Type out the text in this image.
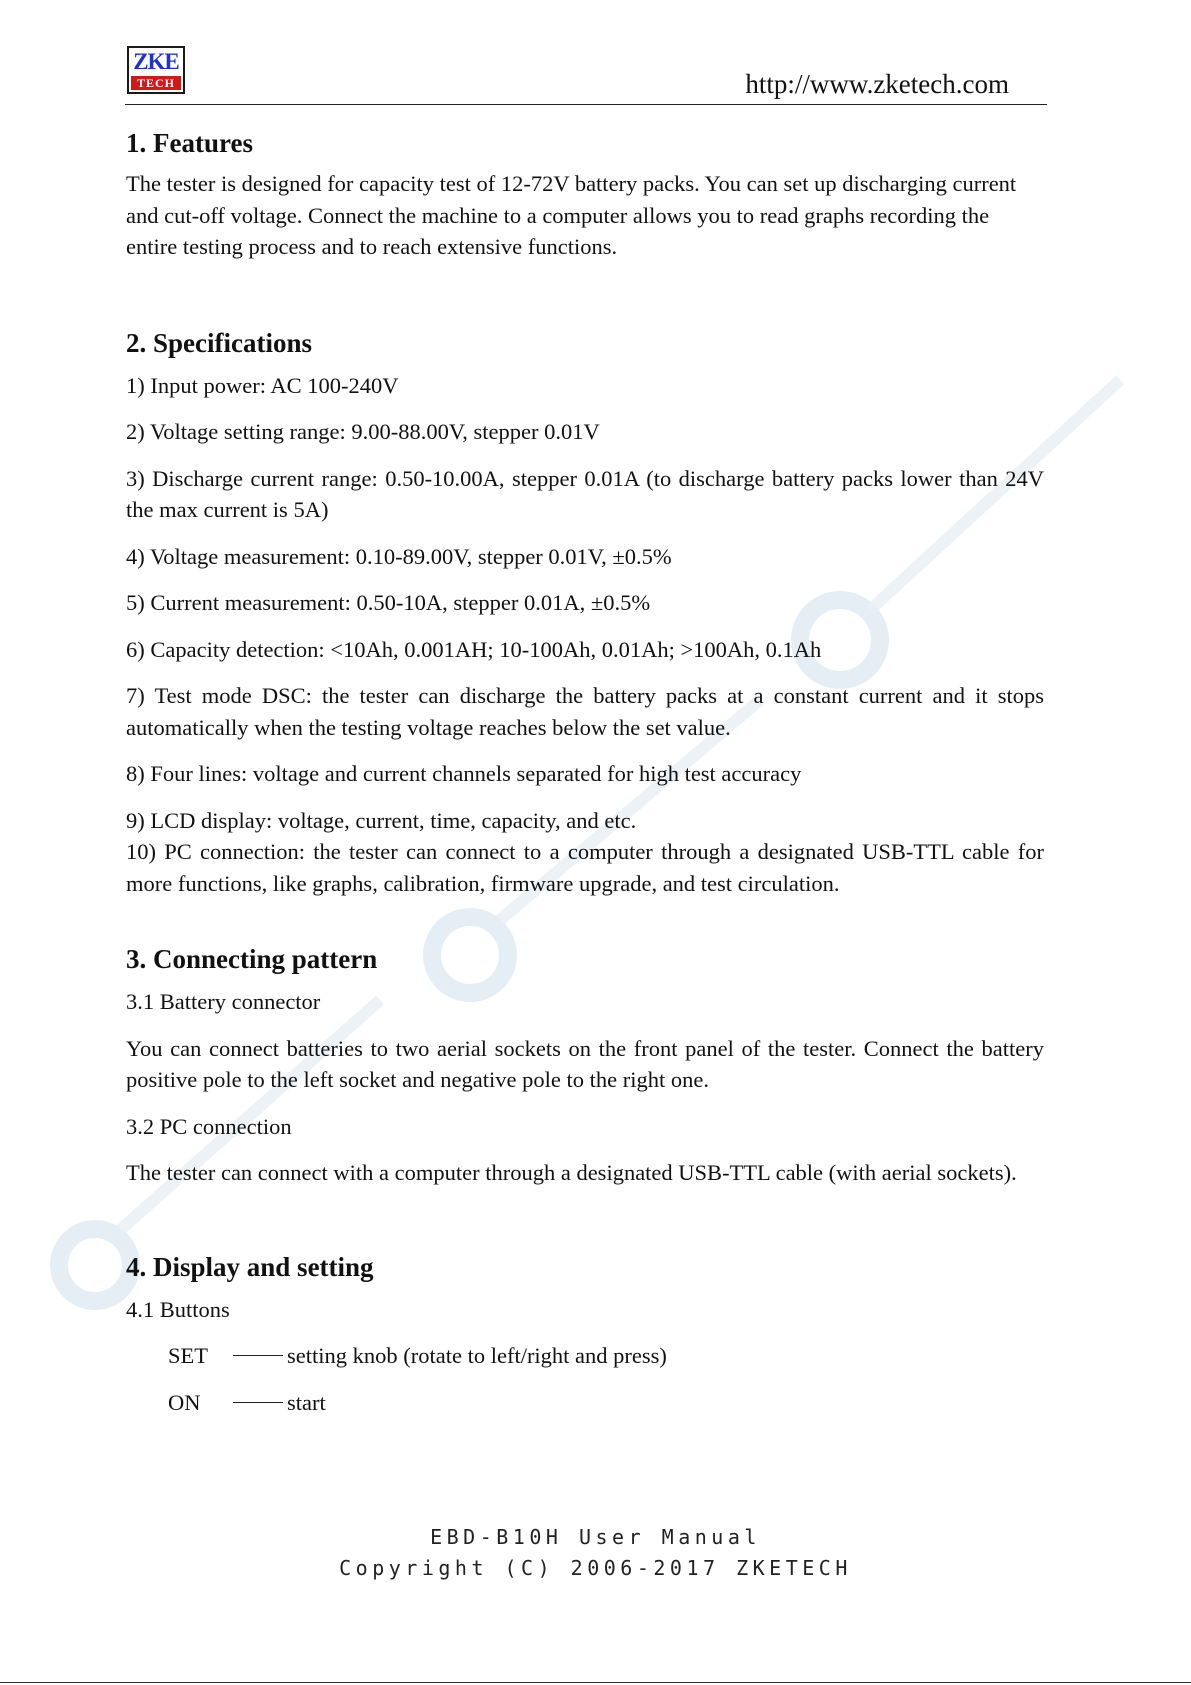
ZKE
TECH	http://www.zketech.com
1. Features

The tester is designed for capacity test of 12-72V battery packs. You can set up discharging current and cut-off voltage. Connect the machine to a computer allows you to read graphs recording the entire testing process and to reach extensive functions.

2. Specifications

1) Input power: AC 100-240V

2) Voltage setting range: 9.00-88.00V, stepper 0.01V

3) Discharge current range: 0.50-10.00A, stepper 0.01A (to discharge battery packs lower than 24V the max current is 5A)

4) Voltage measurement: 0.10-89.00V, stepper 0.01V, ±0.5%

5) Current measurement: 0.50-10A, stepper 0.01A, ±0.5%

6) Capacity detection: <10Ah, 0.001AH; 10-100Ah, 0.01Ah; >100Ah, 0.1Ah

7) Test mode DSC: the tester can discharge the battery packs at a constant current and it stops automatically when the testing voltage reaches below the set value.

8) Four lines: voltage and current channels separated for high test accuracy

9) LCD display: voltage, current, time, capacity, and etc.

10) PC connection: the tester can connect to a computer through a designated USB-TTL cable for more functions, like graphs, calibration, firmware upgrade, and test circulation.

3. Connecting pattern

3.1 Battery connector

You can connect batteries to two aerial sockets on the front panel of the tester. Connect the battery positive pole to the left socket and negative pole to the right one.

3.2 PC connection

The tester can connect with a computer through a designated USB-TTL cable (with aerial sockets).

4. Display and setting

4.1 Buttons

SET	setting knob (rotate to left/right and press)
ON	start
EBD-B10H User Manual
Copyright (C) 2006-2017 ZKETECH
